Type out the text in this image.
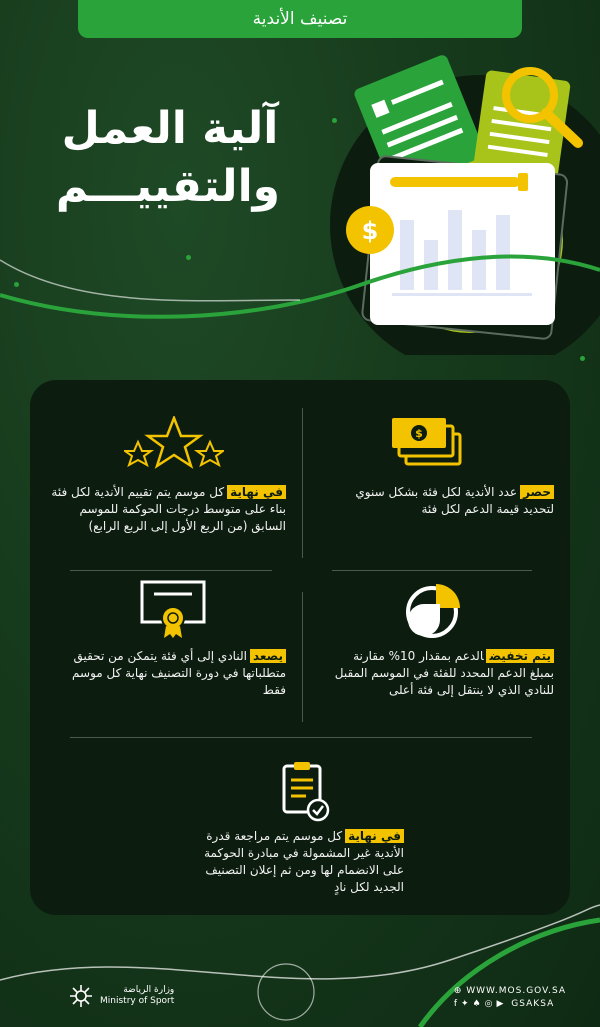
تصنيف الأندية
آلية العمل
والتقييـــم
$
$
حصرعدد الأندية لكل فئة بشكل سنوي لتحديد قيمة الدعم لكل فئة
في نهايةكل موسم يتم تقييم الأندية لكل فئة بناء على متوسط درجات الحوكمة للموسم السابق (من الربع الأول إلى الربع الرابع)
يتم تخفيضالدعم بمقدار 10% مقارنة بمبلغ الدعم المحدد للفئة في الموسم المقبل للنادي الذي لا ينتقل إلى فئة أعلى
يصعدالنادي إلى أي فئة يتمكن من تحقيق متطلباتها في دورة التصنيف نهاية كل موسم فقط
في نهايةكل موسم يتم مراجعة قدرة الأندية غير المشمولة في مبادرة الحوكمة على الانضمام لها ومن ثم إعلان التصنيف الجديد لكل نادٍ
وزارة الرياضة
Ministry of Sport
⊕ WWW.MOS.GOV.SA
f ✦ ♠ ◎ ▶ GSAKSA
